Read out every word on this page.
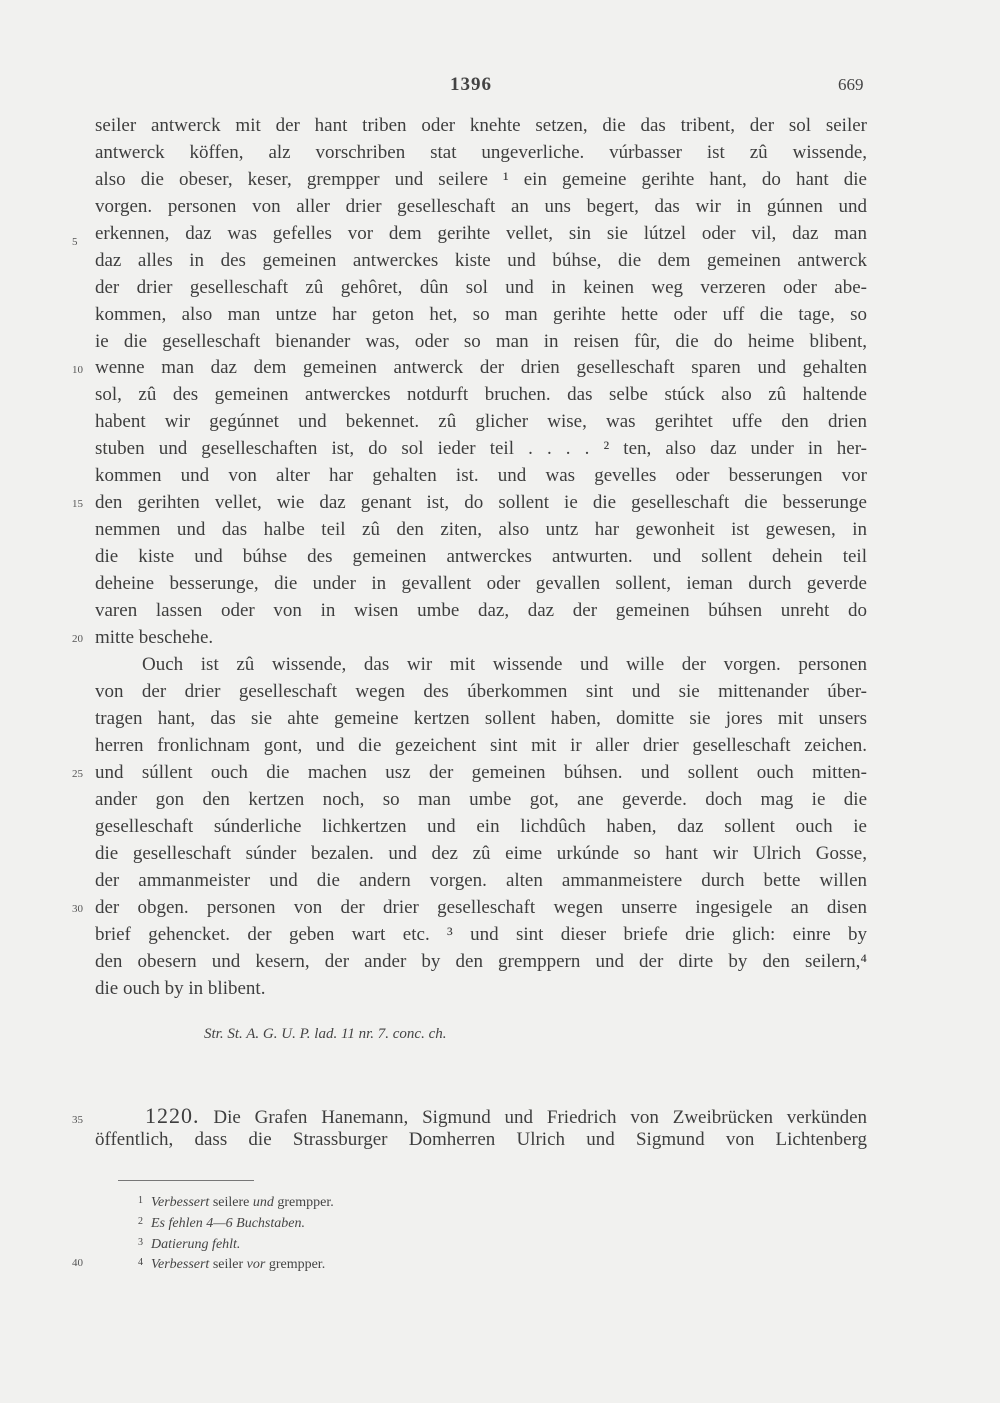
1396	669
seiler antwerck mit der hant triben oder knehte setzen, die das tribent, der sol seiler
antwerck köffen, alz vorschriben stat ungeverliche. vúrbasser ist zû wissende,
also die obeser, keser, grempper und seilere ¹ ein gemeine gerihte hant, do hant die
vorgen. personen von aller drier geselleschaft an uns begert, das wir in gúnnen und
erkennen, daz was gefelles vor dem gerihte vellet, sin sie lútzel oder vil, daz man
daz alles in des gemeinen antwerckes kiste und búhse, die dem gemeinen antwerck
der drier geselleschaft zû gehôret, dûn sol und in keinen weg verzeren oder abe-
kommen, also man untze har geton het, so man gerihte hette oder uff die tage, so
ie die geselleschaft bienander was, oder so man in reisen fûr, die do heime blibent,
wenne man daz dem gemeinen antwerck der drien geselleschaft sparen und gehalten
sol, zû des gemeinen antwerckes notdurft bruchen. das selbe stúck also zû haltende
habent wir gegúnnet und bekennet. zû glicher wise, was gerihtet uffe den drien
stuben und geselleschaften ist, do sol ieder teil . . . . ² ten, also daz under in her-
kommen und von alter har gehalten ist. und was gevelles oder besserungen vor
den gerihten vellet, wie daz genant ist, do sollent ie die geselleschaft die besserunge
nemmen und das halbe teil zû den ziten, also untz har gewonheit ist gewesen, in
die kiste und búhse des gemeinen antwerckes antwurten. und sollent dehein teil
deheine besserunge, die under in gevallent oder gevallen sollent, ieman durch geverde
varen lassen oder von in wisen umbe daz, daz der gemeinen búhsen unreht do
mitte beschehe.
Ouch ist zû wissende, das wir mit wissende und wille der vorgen. personen
von der drier geselleschaft wegen des úberkommen sint und sie mittenander úber-
tragen hant, das sie ahte gemeine kertzen sollent haben, domitte sie jores mit unsers
herren fronlichnam gont, und die gezeichent sint mit ir aller drier geselleschaft zeichen.
und súllent ouch die machen usz der gemeinen búhsen. und sollent ouch mitten-
ander gon den kertzen noch, so man umbe got, ane geverde. doch mag ie die
geselleschaft súnderliche lichkertzen und ein lichdûch haben, daz sollent ouch ie
die geselleschaft súnder bezalen. und dez zû eime urkúnde so hant wir Ulrich Gosse,
der ammanmeister und die andern vorgen. alten ammanmeistere durch bette willen
der obgen. personen von der drier geselleschaft wegen unserre ingesigele an disen
brief gehencket. der geben wart etc. ³ und sint dieser briefe drie glich: einre by
den obesern und kesern, der ander by den gremppern und der dirte by den seilern,⁴
die ouch by in blibent.
5
10
15
20
25
30
35
40
Str. St. A. G. U. P. lad. 11 nr. 7. conc. ch.
1220. Die Grafen Hanemann, Sigmund und Friedrich von Zweibrücken verkünden
öffentlich, dass die Strassburger Domherren Ulrich und Sigmund von Lichtenberg
$^1$ Verbessert seilere und grempper.
$^2$ Es fehlen 4—6 Buchstaben.
$^3$ Datierung fehlt.
$^4$ Verbessert seiler vor grempper.
